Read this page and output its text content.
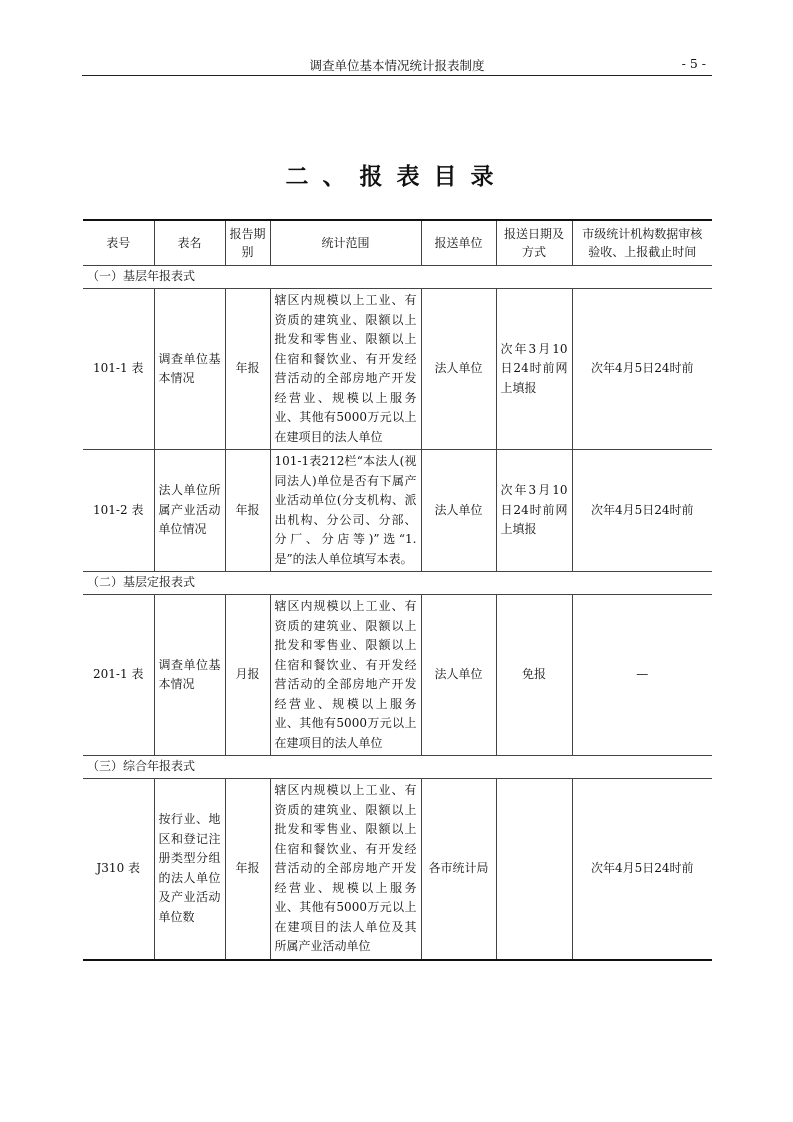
调查单位基本情况统计报表制度	- 5 -
二、报表目录
表号	表名	报告期别	统计范围	报送单位	报送日期及方式	市级统计机构数据审核验收、上报截止时间
（一）基层年报表式						
101-1 表	调查单位基本情况	年报	辖区内规模以上工业、有资质的建筑业、限额以上批发和零售业、限额以上住宿和餐饮业、有开发经营活动的全部房地产开发经营业、规模以上服务业、其他有5000万元以上在建项目的法人单位	法人单位	次年3月10日24时前网上填报	次年4月5日24时前
101-2 表	法人单位所属产业活动单位情况	年报	101-1表212栏“本法人(视同法人)单位是否有下属产业活动单位(分支机构、派出机构、分公司、分部、分厂、分店等)”选“1.是”的法人单位填写本表。	法人单位	次年3月10日24时前网上填报	次年4月5日24时前
（二）基层定报表式						
201-1 表	调查单位基本情况	月报	辖区内规模以上工业、有资质的建筑业、限额以上批发和零售业、限额以上住宿和餐饮业、有开发经营活动的全部房地产开发经营业、规模以上服务业、其他有5000万元以上在建项目的法人单位	法人单位	免报	—
（三）综合年报表式						
J310 表	按行业、地区和登记注册类型分组的法人单位及产业活动单位数	年报	辖区内规模以上工业、有资质的建筑业、限额以上批发和零售业、限额以上住宿和餐饮业、有开发经营活动的全部房地产开发经营业、规模以上服务业、其他有5000万元以上在建项目的法人单位及其所属产业活动单位	各市统计局		次年4月5日24时前
